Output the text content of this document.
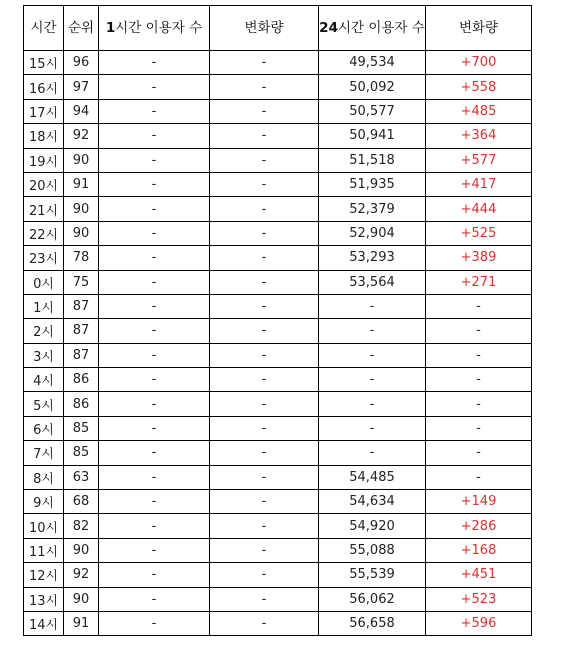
시간	순위	1시간 이용자 수	변화량	24시간 이용자 수	변화량
15시	96	-	-	49,534	+700
16시	97	-	-	50,092	+558
17시	94	-	-	50,577	+485
18시	92	-	-	50,941	+364
19시	90	-	-	51,518	+577
20시	91	-	-	51,935	+417
21시	90	-	-	52,379	+444
22시	90	-	-	52,904	+525
23시	78	-	-	53,293	+389
0시	75	-	-	53,564	+271
1시	87	-	-	-	-
2시	87	-	-	-	-
3시	87	-	-	-	-
4시	86	-	-	-	-
5시	86	-	-	-	-
6시	85	-	-	-	-
7시	85	-	-	-	-
8시	63	-	-	54,485	-
9시	68	-	-	54,634	+149
10시	82	-	-	54,920	+286
11시	90	-	-	55,088	+168
12시	92	-	-	55,539	+451
13시	90	-	-	56,062	+523
14시	91	-	-	56,658	+596
